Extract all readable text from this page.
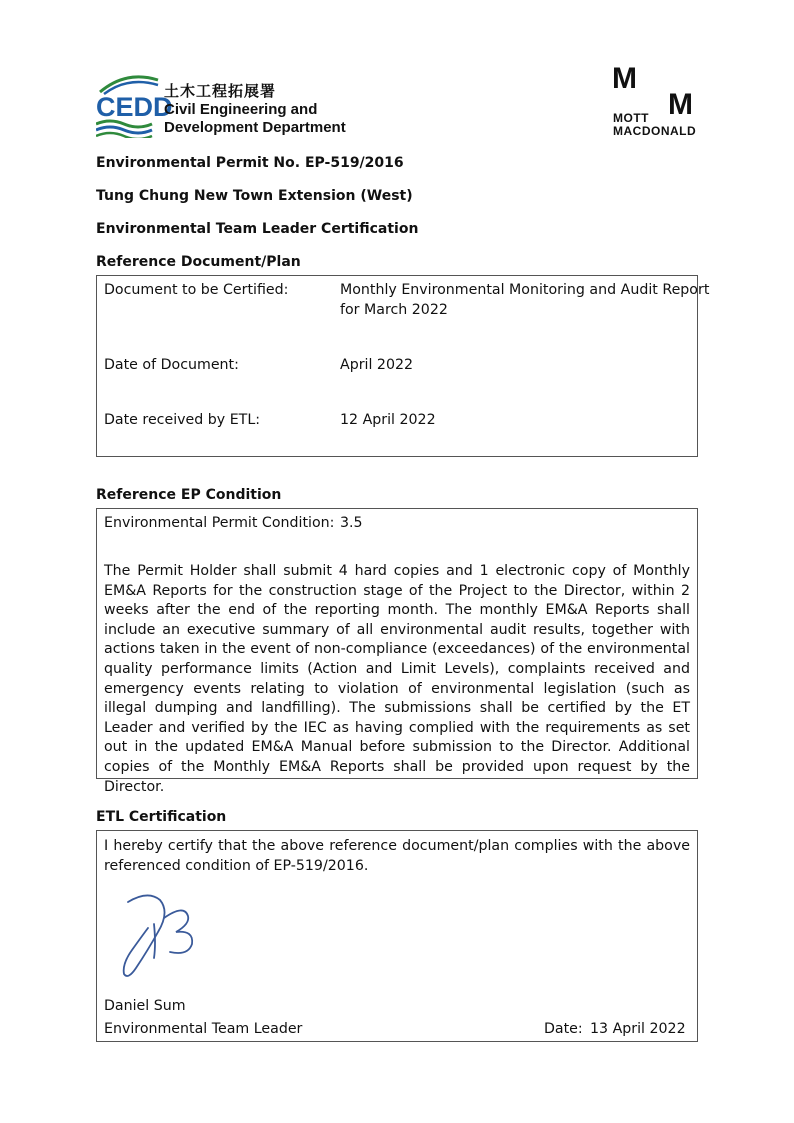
CEDD
土木工程拓展署
Civil Engineering and
Development Department
M
M
MOTT
MACDONALD
Environmental Permit No. EP-519/2016
Tung Chung New Town Extension (West)
Environmental Team Leader Certification
Reference Document/Plan
Document to be Certified:	Monthly Environmental Monitoring and Audit Report
for March 2022
Date of Document:	April 2022
Date received by ETL:	12 April 2022
Reference EP Condition
Environmental Permit Condition: 3.5
The Permit Holder shall submit 4 hard copies and 1 electronic copy of Monthly EM&A Reports for the construction stage of the Project to the Director, within 2 weeks after the end of the reporting month. The monthly EM&A Reports shall include an executive summary of all environmental audit results, together with actions taken in the event of non-compliance (exceedances) of the environmental quality performance limits (Action and Limit Levels), complaints received and emergency events relating to violation of environmental legislation (such as illegal dumping and landfilling). The submissions shall be certified by the ET Leader and verified by the IEC as having complied with the requirements as set out in the updated EM&A Manual before submission to the Director. Additional copies of the Monthly EM&A Reports shall be provided upon request by the Director.
ETL Certification
I hereby certify that the above reference document/plan complies with the above referenced condition of EP-519/2016.
Daniel Sum
Environmental Team Leader	Date: 13 April 2022
